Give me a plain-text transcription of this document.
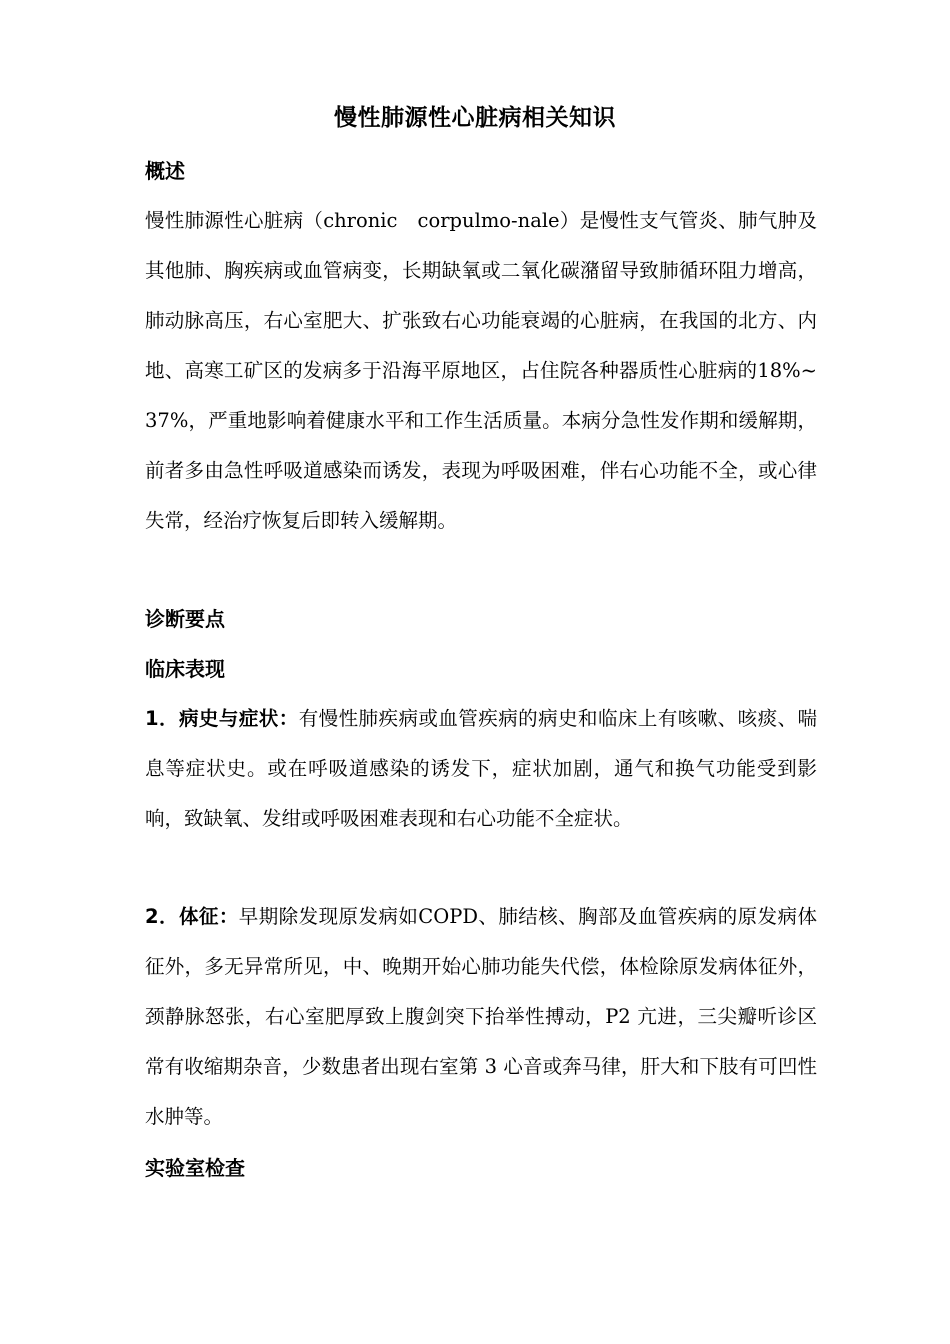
慢性肺源性心脏病相关知识
概述
慢性肺源性心脏病（chronic　corpulmo-nale）是慢性支气管炎、肺气肿及其他肺、胸疾病或血管病变，长期缺氧或二氧化碳潴留导致肺循环阻力增高，肺动脉高压，右心室肥大、扩张致右心功能衰竭的心脏病，在我国的北方、内地、高寒工矿区的发病多于沿海平原地区，占住院各种器质性心脏病的18%~37%，严重地影响着健康水平和工作生活质量。本病分急性发作期和缓解期，前者多由急性呼吸道感染而诱发，表现为呼吸困难，伴右心功能不全，或心律失常，经治疗恢复后即转入缓解期。
诊断要点
临床表现
1．病史与症状：有慢性肺疾病或血管疾病的病史和临床上有咳嗽、咳痰、喘息等症状史。或在呼吸道感染的诱发下，症状加剧，通气和换气功能受到影响，致缺氧、发绀或呼吸困难表现和右心功能不全症状。
2．体征：早期除发现原发病如COPD、肺结核、胸部及血管疾病的原发病体征外，多无异常所见，中、晚期开始心肺功能失代偿，体检除原发病体征外，颈静脉怒张，右心室肥厚致上腹剑突下抬举性搏动，P2 亢进，三尖瓣听诊区常有收缩期杂音，少数患者出现右室第 3 心音或奔马律，肝大和下肢有可凹性水肿等。
实验室检查
